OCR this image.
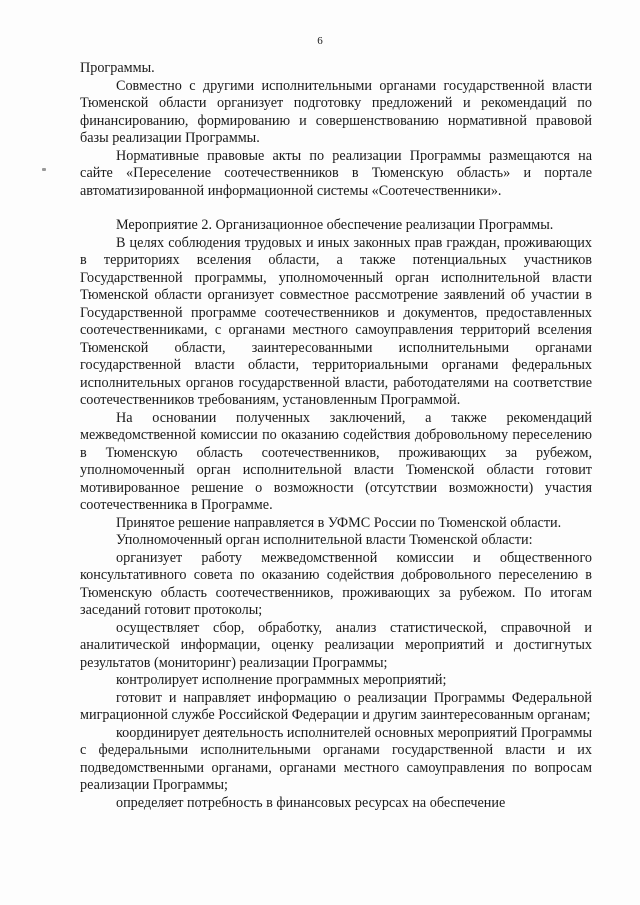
6

Программы.

Совместно с другими исполнительными органами государственной власти Тюменской области организует подготовку предложений и рекомендаций по финансированию, формированию и совершенствованию нормативной правовой базы реализации Программы.

Нормативные правовые акты по реализации Программы размещаются на сайте «Переселение соотечественников в Тюменскую область» и портале автоматизированной информационной системы «Соотечественники».

Мероприятие 2. Организационное обеспечение реализации Программы.

В целях соблюдения трудовых и иных законных прав граждан, проживающих в территориях вселения области, а также потенциальных участников Государственной программы, уполномоченный орган исполнительной власти Тюменской области организует совместное рассмотрение заявлений об участии в Государственной программе соотечественников и документов, предоставленных соотечественниками, с органами местного самоуправления территорий вселения Тюменской области, заинтересованными исполнительными органами государственной власти области, территориальными органами федеральных исполнительных органов государственной власти, работодателями на соответствие соотечественников требованиям, установленным Программой.

На основании полученных заключений, а также рекомендаций межведомственной комиссии по оказанию содействия добровольному переселению в Тюменскую область соотечественников, проживающих за рубежом, уполномоченный орган исполнительной власти Тюменской области готовит мотивированное решение о возможности (отсутствии возможности) участия соотечественника в Программе.

Принятое решение направляется в УФМС России по Тюменской области.

Уполномоченный орган исполнительной власти Тюменской области:

организует работу межведомственной комиссии и общественного консультативного совета по оказанию содействия добровольного переселению в Тюменскую область соотечественников, проживающих за рубежом. По итогам заседаний готовит протоколы;

осуществляет сбор, обработку, анализ статистической, справочной и аналитической информации, оценку реализации мероприятий и достигнутых результатов (мониторинг) реализации Программы;

контролирует исполнение программных мероприятий;

готовит и направляет информацию о реализации Программы Федеральной миграционной службе Российской Федерации и другим заинтересованным органам;

координирует деятельность исполнителей основных мероприятий Программы с федеральными исполнительными органами государственной власти и их подведомственными органами, органами местного самоуправления по вопросам реализации Программы;

определяет потребность в финансовых ресурсах на обеспечение
